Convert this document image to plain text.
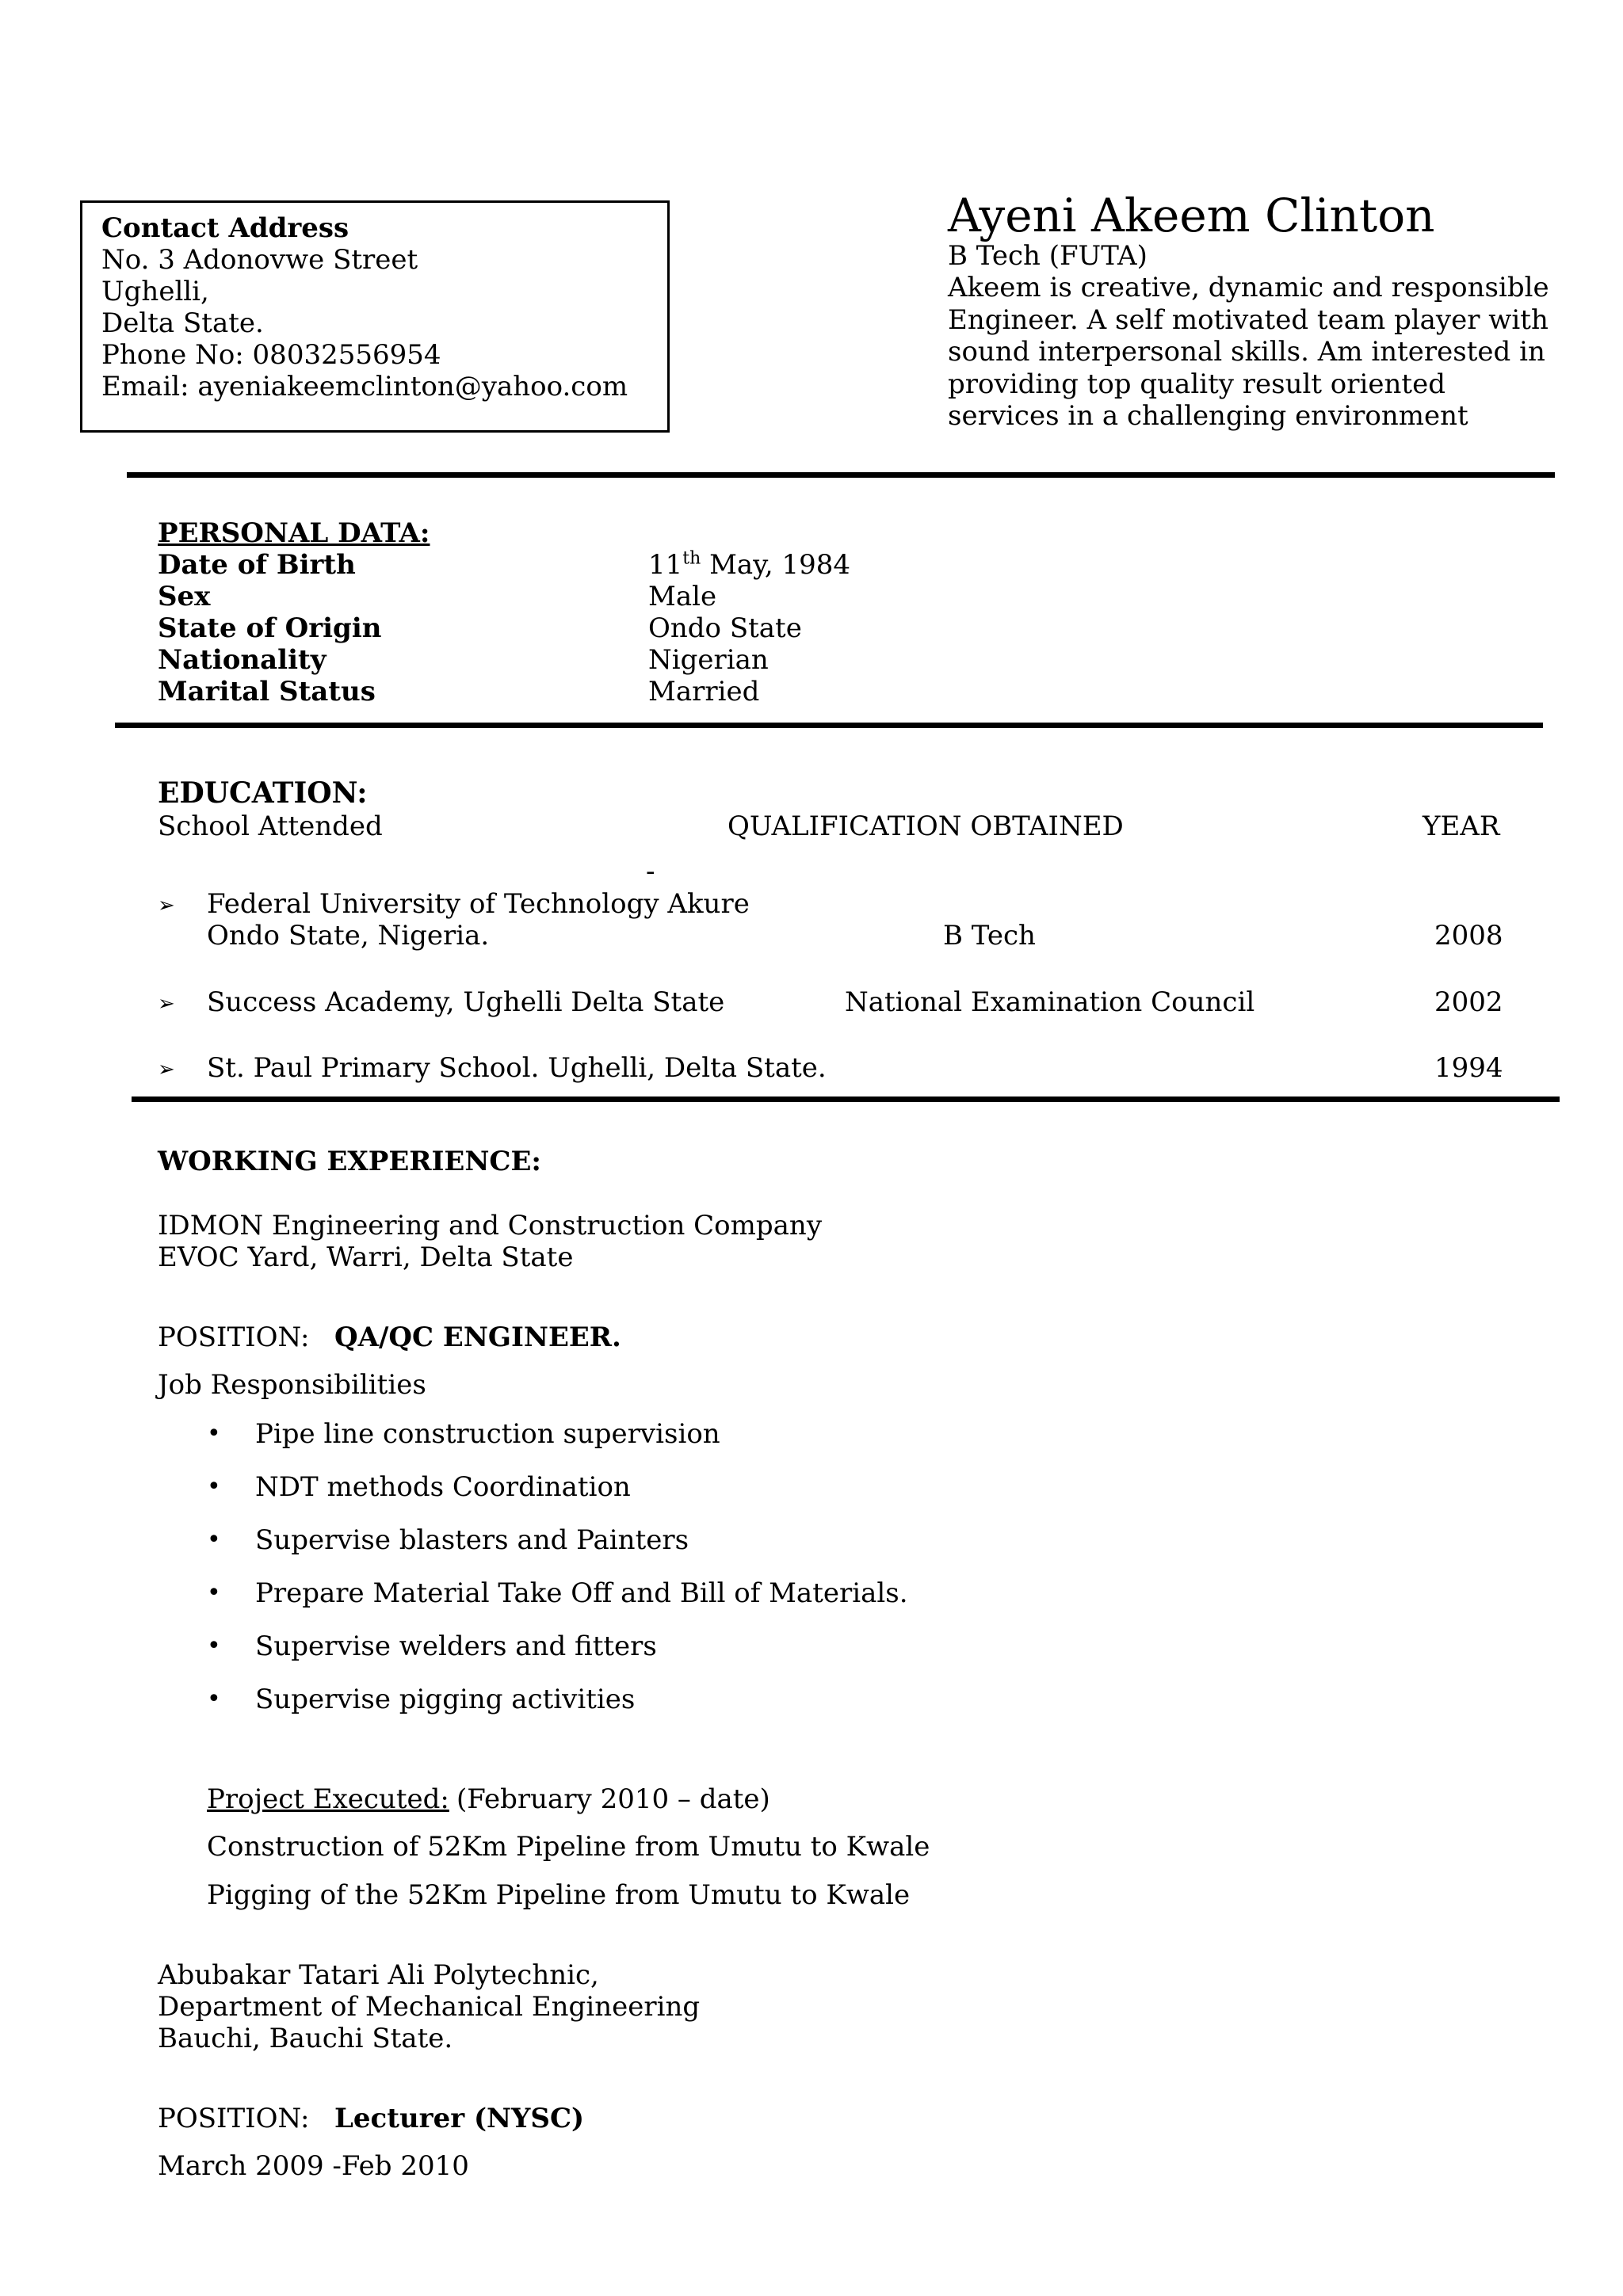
Contact Address
No. 3 Adonovwe Street
Ughelli,
Delta State.
Phone No: 08032556954
Email: ayeniakeemclinton@yahoo.com
Ayeni Akeem Clinton
B Tech (FUTA)
Akeem is creative, dynamic and responsible
Engineer. A self motivated team player with
sound interpersonal skills. Am interested in
providing top quality result oriented
services in a challenging environment
PERSONAL DATA:
Date of Birth	11th May, 1984
Sex	Male
State of Origin	Ondo State
Nationality	Nigerian
Marital Status	Married
EDUCATION:
School Attended	QUALIFICATION OBTAINED	YEAR
-
➢ Federal University of Technology Akure
Ondo State, Nigeria.	B Tech	2008
➢ Success Academy, Ughelli Delta State	National Examination Council	2002
➢ St. Paul Primary School. Ughelli, Delta State.	1994
WORKING EXPERIENCE:
IDMON Engineering and Construction Company
EVOC Yard, Warri, Delta State
POSITION: QA/QC ENGINEER.
Job Responsibilities
• Pipe line construction supervision
• NDT methods Coordination
• Supervise blasters and Painters
• Prepare Material Take Off and Bill of Materials.
• Supervise welders and fitters
• Supervise pigging activities
Project Executed: (February 2010 – date)
Construction of 52Km Pipeline from Umutu to Kwale
Pigging of the 52Km Pipeline from Umutu to Kwale
Abubakar Tatari Ali Polytechnic,
Department of Mechanical Engineering
Bauchi, Bauchi State.
POSITION: Lecturer (NYSC)
March 2009 -Feb 2010
